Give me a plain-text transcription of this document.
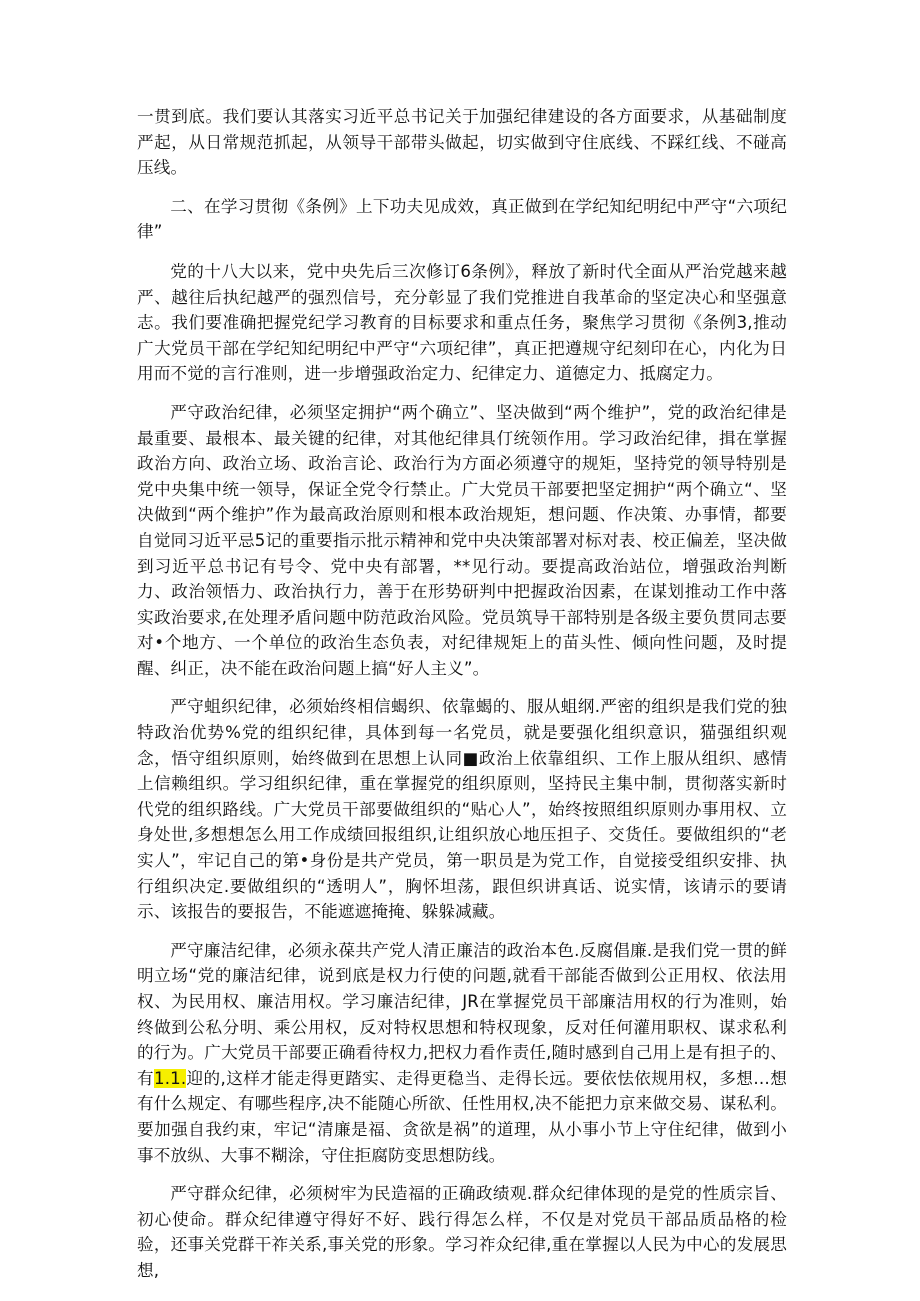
一贯到底。我们要认其落实习近平总书记关于加强纪律建设的各方面要求，从基础制度严起，从日常规范抓起，从领导干部带头做起，切实做到守住底线、不踩红线、不碰高压线。

二、在学习贯彻《条例》上下功夫见成效，真正做到在学纪知纪明纪中严守“六项纪律”

党的十八大以来，党中央先后三次修订6条例》，释放了新时代全面从严治党越来越严、越往后执纪越严的强烈信号，充分彰显了我们党推进自我革命的坚定决心和坚强意志。我们要准确把握党纪学习教育的目标要求和重点任务，聚焦学习贯彻《条例3,推动广大党员干部在学纪知纪明纪中严守“六项纪律”，真正把遵规守纪刻印在心，内化为日用而不觉的言行准则，进一步增强政治定力、纪律定力、道德定力、抵腐定力。

严守政治纪律，必须坚定拥护“两个确立”、坚决做到“两个维护”，党的政治纪律是最重要、最根本、最关键的纪律，对其他纪律具仃统领作用。学习政治纪律，揖在掌握政治方向、政治立场、政治言论、政治行为方面必须遵守的规矩，坚持党的领导特别是党中央集中统一领导，保证全党令行禁止。广大党员干部要把坚定拥护“两个确立“、坚决做到“两个维护”作为最高政治原则和根本政治规矩，想问题、作决策、办事情，都要自觉同习近平忌5记的重要指示批示精神和党中央决策部署对标对表、校正偏差，坚决做到习近平总书记有号令、党中央有部署，**见行动。要提高政治站位，增强政治判断力、政治领悟力、政治执行力，善于在形势研判中把握政治因素，在谋划推动工作中落实政治要求,在处理矛盾问题中防范政治风险。党员筑导干部特别是各级主要负贯同志要对•个地方、一个单位的政治生态负表，对纪律规矩上的苗头性、倾向性问题，及时提醒、纠正，决不能在政治问题上搞“好人主义”。

严守蛆织纪律，必须始终相信蝎织、依靠蝎的、服从蛆纲.严密的组织是我们党的独特政治优势%党的组织纪律，具体到每一名党员，就是要强化组织意识，猫强组织观念，悟守组织原则，始终做到在思想上认同■政治上依靠组织、工作上服从组织、感情上信赖组织。学习组织纪律，重在掌握党的组织原则，坚持民主集中制，贯彻落实新时代党的组织路线。广大党员干部要做组织的“贴心人”，始终按照组织原则办事用权、立身处世,多想想怎么用工作成绩回报组织,让组织放心地压担子、交货任。要做组织的“老实人”，牢记自己的第•身份是共产党员，第一职员是为党工作，自觉接受组织安排、执行组织决定.要做组织的“透明人”，胸怀坦荡，跟但织讲真话、说实情，该请示的要请示、该报告的要报告，不能遮遮掩掩、躲躲减藏。

严守廉洁纪律，必须永葆共产党人清正廉洁的政治本色.反腐倡廉.是我们党一贯的鲜明立场“党的廉洁纪律，说到底是权力行使的问题,就看干部能否做到公正用权、依法用权、为民用权、廉洁用权。学习廉洁纪律，JR在掌握党员干部廉洁用权的行为准则，始终做到公私分明、乘公用权，反对特权思想和特权现象，反对任何灌用职权、谋求私利的行为。广大党员干部要正确看待权力,把权力看作责任,随时感到自己用上是有担子的、有1.1.迎的,这样才能走得更踏实、走得更稳当、走得长远。要依怯依规用权，多想…想有什么规定、有哪些程序,决不能随心所欲、任性用权,决不能把力京来做交易、谋私利。要加强自我约束，牢记“清廉是福、贪欲是祸”的道理，从小事小节上守住纪律，做到小事不放纵、大事不糊涂，守住拒腐防变思想防线。

严守群众纪律，必须树牢为民造福的正确政绩观.群众纪律体现的是党的性质宗旨、初心使命。群众纪律遵守得好不好、践行得怎么样，不仅是对党员干部品质品格的检验，还事关党群干祚关系,事关党的形象。学习祚众纪律,重在掌握以人民为中心的发展思想,
